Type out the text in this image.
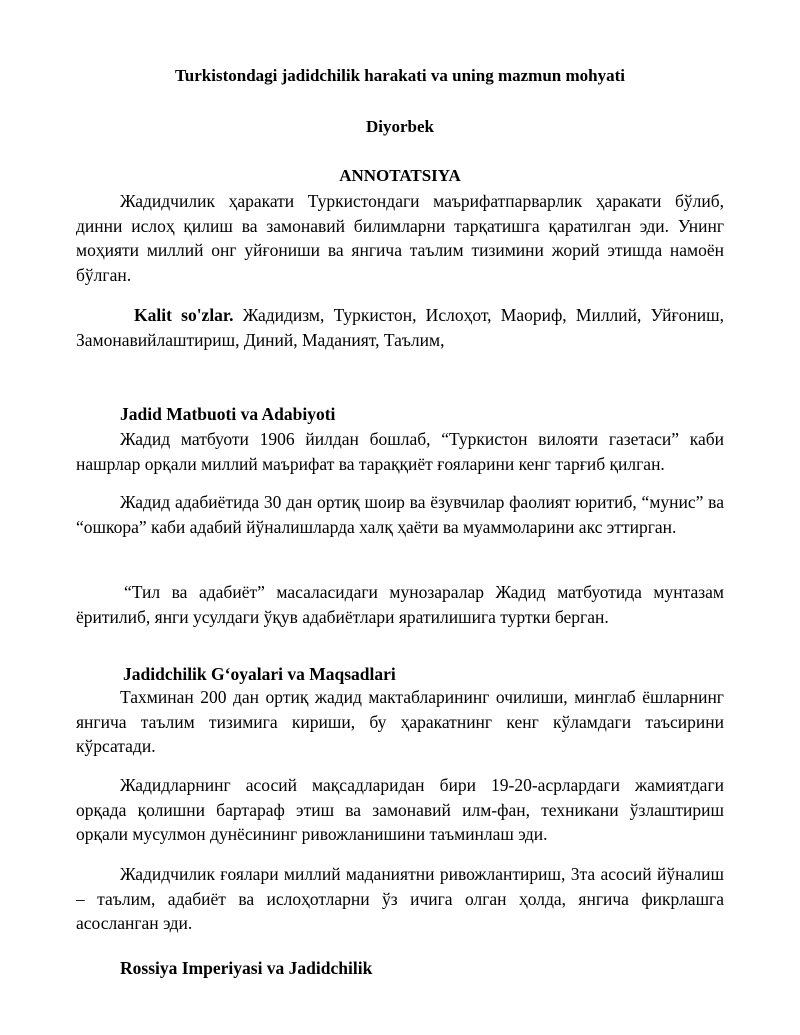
Turkistondagi jadidchilik harakati va uning mazmun mohyati
Diyorbek
ANNOTATSIYA

Жадидчилик ҳаракати Туркистондаги маърифатпарварлик ҳаракати бўлиб, динни ислоҳ қилиш ва замонавий билимларни тарқатишга қаратилган эди. Унинг моҳияти миллий онг уйғониши ва янгича таълим тизимини жорий этишда намоён бўлган.

Kalit so'zlar. Жадидизм, Туркистон, Ислоҳот, Маориф, Миллий, Уйғониш, Замонавийлаштириш, Диний, Маданият, Таълим,

Jadid Matbuoti va Adabiyoti

Жадид матбуоти 1906 йилдан бошлаб, “Туркистон вилояти газетаси” каби нашрлар орқали миллий маърифат ва тараққиёт ғояларини кенг тарғиб қилган.

Жадид адабиётида 30 дан ортиқ шоир ва ёзувчилар фаолият юритиб, “мунис” ва “ошкора” каби адабий йўналишларда халқ ҳаёти ва муаммоларини акс эттирган.

“Тил ва адабиёт” масаласидаги мунозаралар Жадид матбуотида мунтазам ёритилиб, янги усулдаги ўқув адабиётлари яратилишига туртки берган.

Jadidchilik G‘oyalari va Maqsadlari

Тахминан 200 дан ортиқ жадид мактабларининг очилиши, минглаб ёшларнинг янгича таълим тизимига кириши, бу ҳаракатнинг кенг кўламдаги таъсирини кўрсатади.

Жадидларнинг асосий мақсадларидан бири 19-20-асрлардаги жамиятдаги орқада қолишни бартараф этиш ва замонавий илм-фан, техникани ўзлаштириш орқали мусулмон дунёсининг ривожланишини таъминлаш эди.

Жадидчилик ғоялари миллий маданиятни ривожлантириш, 3та асосий йўналиш – таълим, адабиёт ва ислоҳотларни ўз ичига олган ҳолда, янгича фикрлашга асосланган эди.

Rossiya Imperiyasi va Jadidchilik
